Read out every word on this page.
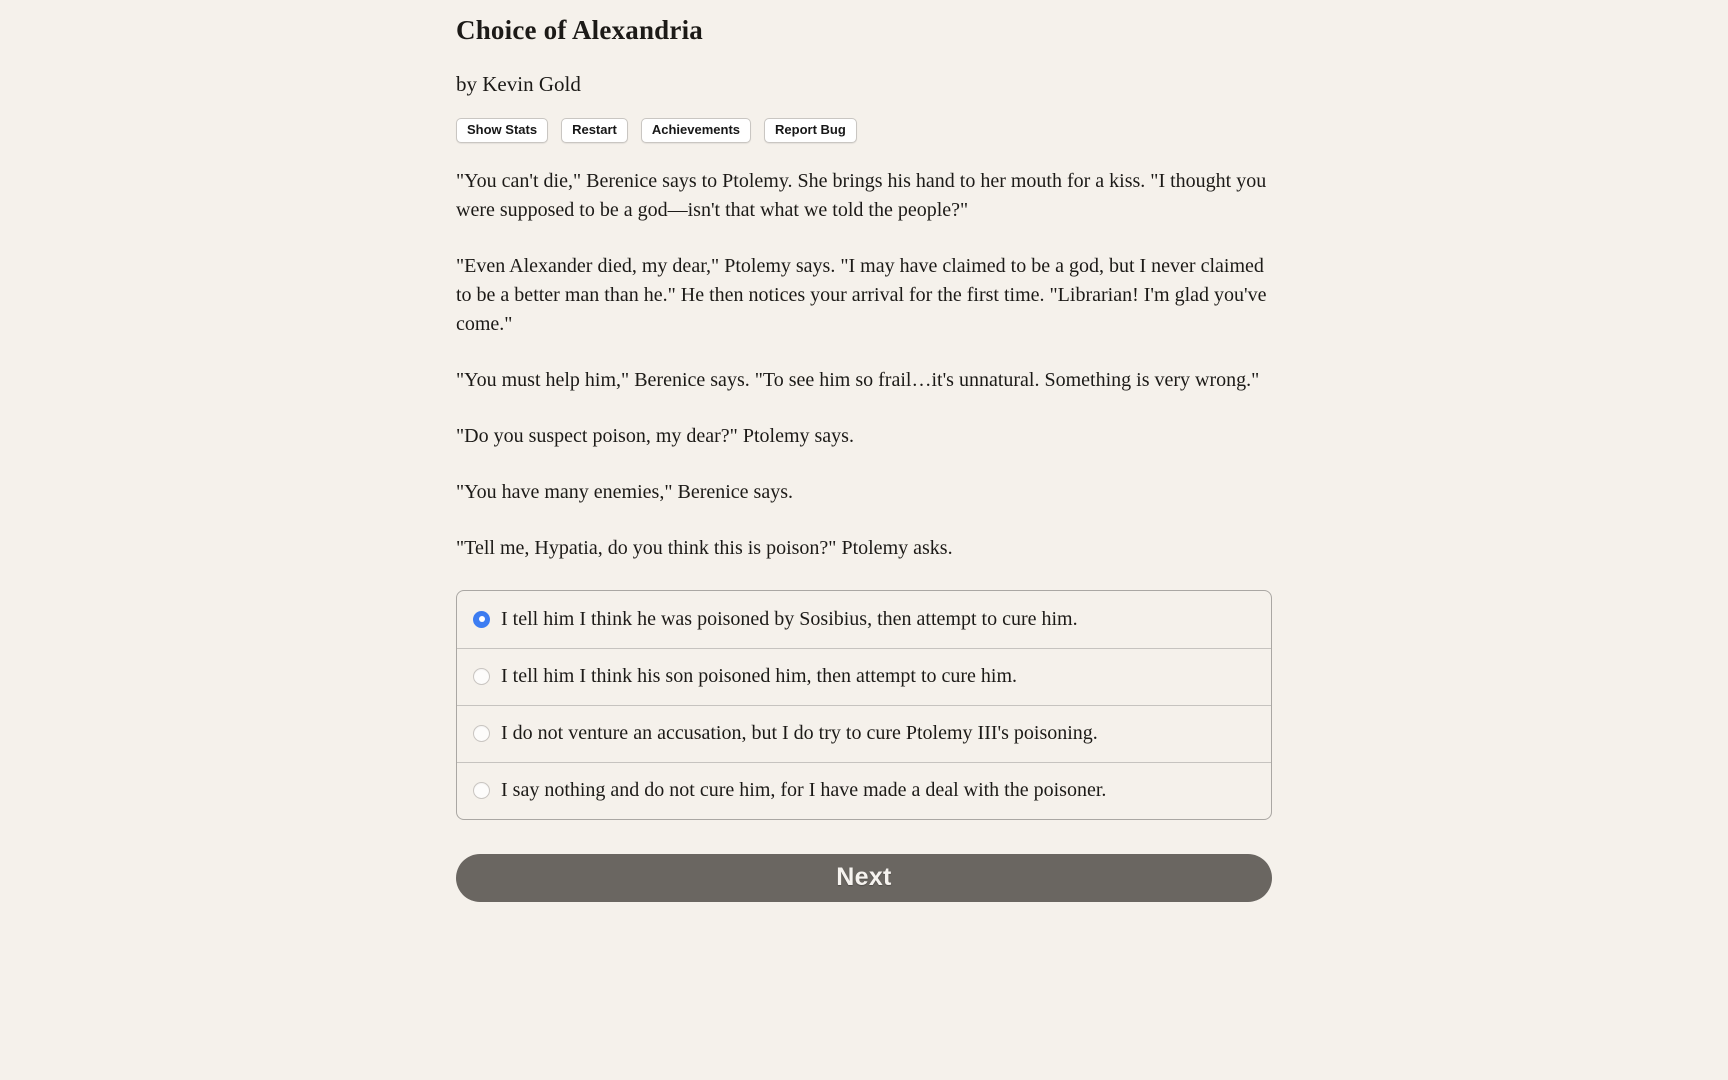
Choice of Alexandria
by Kevin Gold
Show Stats	Restart	Achievements	Report Bug

"You can't die," Berenice says to Ptolemy. She brings his hand to her mouth for a kiss. "I thought you were supposed to be a god—isn't that what we told the people?"

"Even Alexander died, my dear," Ptolemy says. "I may have claimed to be a god, but I never claimed to be a better man than he." He then notices your arrival for the first time. "Librarian! I'm glad you've come."

"You must help him," Berenice says. "To see him so frail…it's unnatural. Something is very wrong."

"Do you suspect poison, my dear?" Ptolemy says.

"You have many enemies," Berenice says.

"Tell me, Hypatia, do you think this is poison?" Ptolemy asks.

I tell him I think he was poisoned by Sosibius, then attempt to cure him.
I tell him I think his son poisoned him, then attempt to cure him.
I do not venture an accusation, but I do try to cure Ptolemy III's poisoning.
I say nothing and do not cure him, for I have made a deal with the poisoner.
Next
